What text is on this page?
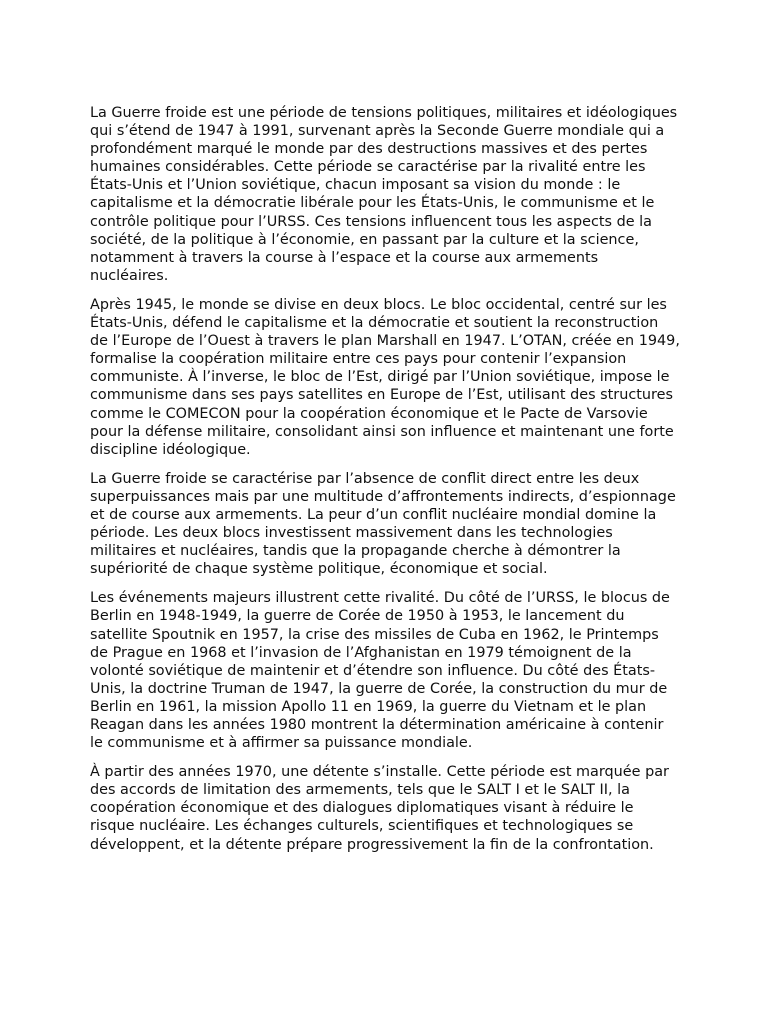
La Guerre froide est une période de tensions politiques, militaires et idéologiques qui s’étend de 1947 à 1991, survenant après la Seconde Guerre mondiale qui a profondément marqué le monde par des destructions massives et des pertes humaines considérables. Cette période se caractérise par la rivalité entre les États-Unis et l’Union soviétique, chacun imposant sa vision du monde : le capitalisme et la démocratie libérale pour les États-Unis, le communisme et le contrôle politique pour l’URSS. Ces tensions influencent tous les aspects de la société, de la politique à l’économie, en passant par la culture et la science, notamment à travers la course à l’espace et la course aux armements nucléaires.

Après 1945, le monde se divise en deux blocs. Le bloc occidental, centré sur les États-Unis, défend le capitalisme et la démocratie et soutient la reconstruction de l’Europe de l’Ouest à travers le plan Marshall en 1947. L’OTAN, créée en 1949, formalise la coopération militaire entre ces pays pour contenir l’expansion communiste. À l’inverse, le bloc de l’Est, dirigé par l’Union soviétique, impose le communisme dans ses pays satellites en Europe de l’Est, utilisant des structures comme le COMECON pour la coopération économique et le Pacte de Varsovie pour la défense militaire, consolidant ainsi son influence et maintenant une forte discipline idéologique.

La Guerre froide se caractérise par l’absence de conflit direct entre les deux superpuissances mais par une multitude d’affrontements indirects, d’espionnage et de course aux armements. La peur d’un conflit nucléaire mondial domine la période. Les deux blocs investissent massivement dans les technologies militaires et nucléaires, tandis que la propagande cherche à démontrer la supériorité de chaque système politique, économique et social.

Les événements majeurs illustrent cette rivalité. Du côté de l’URSS, le blocus de Berlin en 1948-1949, la guerre de Corée de 1950 à 1953, le lancement du satellite Spoutnik en 1957, la crise des missiles de Cuba en 1962, le Printemps de Prague en 1968 et l’invasion de l’Afghanistan en 1979 témoignent de la volonté soviétique de maintenir et d’étendre son influence. Du côté des États-Unis, la doctrine Truman de 1947, la guerre de Corée, la construction du mur de Berlin en 1961, la mission Apollo 11 en 1969, la guerre du Vietnam et le plan Reagan dans les années 1980 montrent la détermination américaine à contenir le communisme et à affirmer sa puissance mondiale.

À partir des années 1970, une détente s’installe. Cette période est marquée par des accords de limitation des armements, tels que le SALT I et le SALT II, la coopération économique et des dialogues diplomatiques visant à réduire le risque nucléaire. Les échanges culturels, scientifiques et technologiques se développent, et la détente prépare progressivement la fin de la confrontation.
